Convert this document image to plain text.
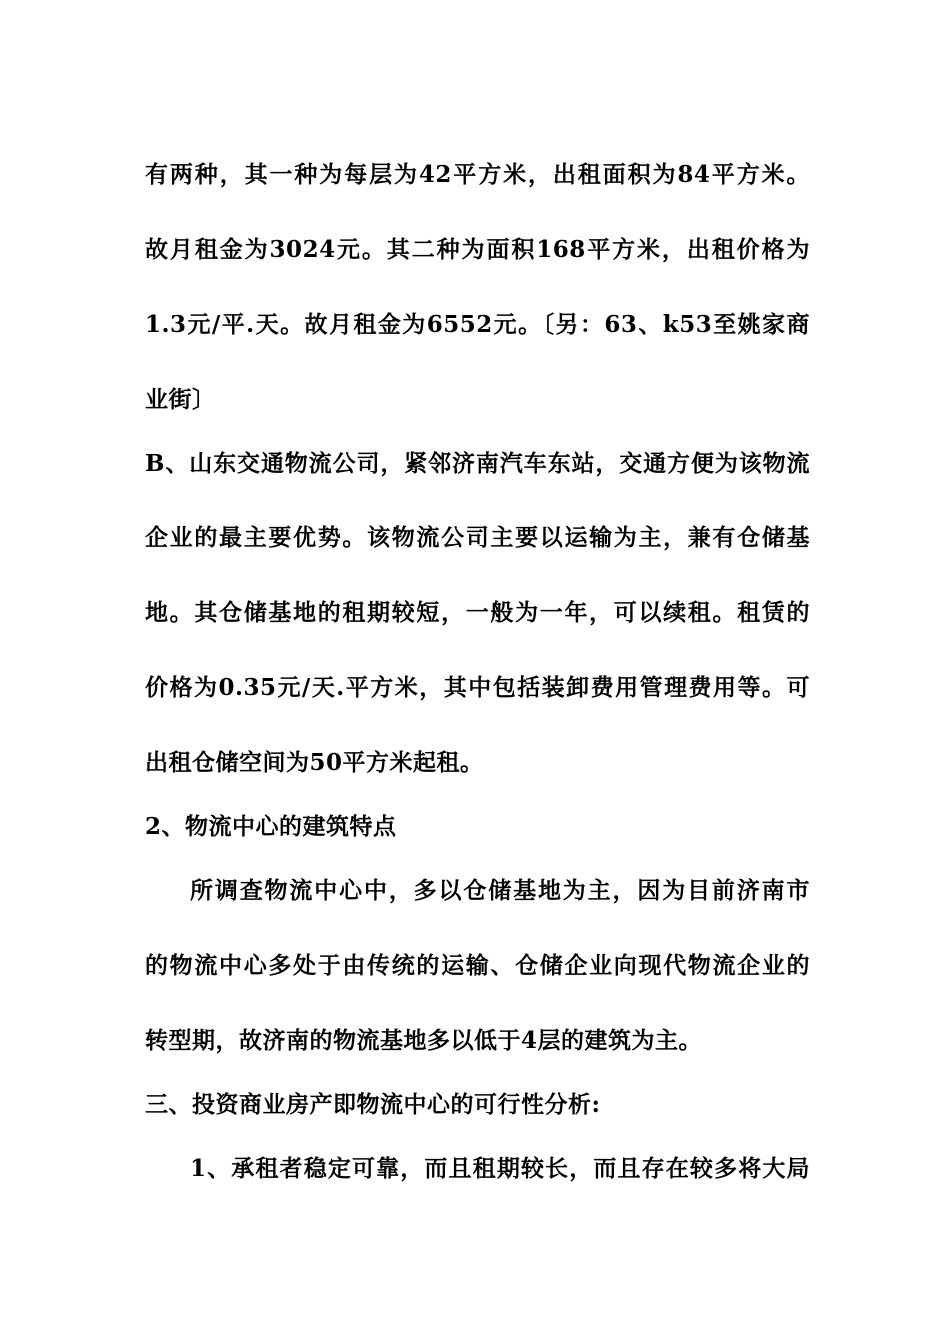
有两种，其一种为每层为42平方米，出租面积为84平方米。
故月租金为3024元。其二种为面积168平方米，出租价格为
1.3元/平.天。故月租金为6552元。〔另：63、k53至姚家商
业街〕
B、山东交通物流公司，紧邻济南汽车东站，交通方便为该物流
企业的最主要优势。该物流公司主要以运输为主，兼有仓储基
地。其仓储基地的租期较短，一般为一年，可以续租。租赁的
价格为0.35元/天.平方米，其中包括装卸费用管理费用等。可
出租仓储空间为50平方米起租。
2、物流中心的建筑特点
所调查物流中心中，多以仓储基地为主，因为目前济南市
的物流中心多处于由传统的运输、仓储企业向现代物流企业的
转型期，故济南的物流基地多以低于4层的建筑为主。
三、投资商业房产即物流中心的可行性分析:
1、承租者稳定可靠，而且租期较长，而且存在较多将大局
